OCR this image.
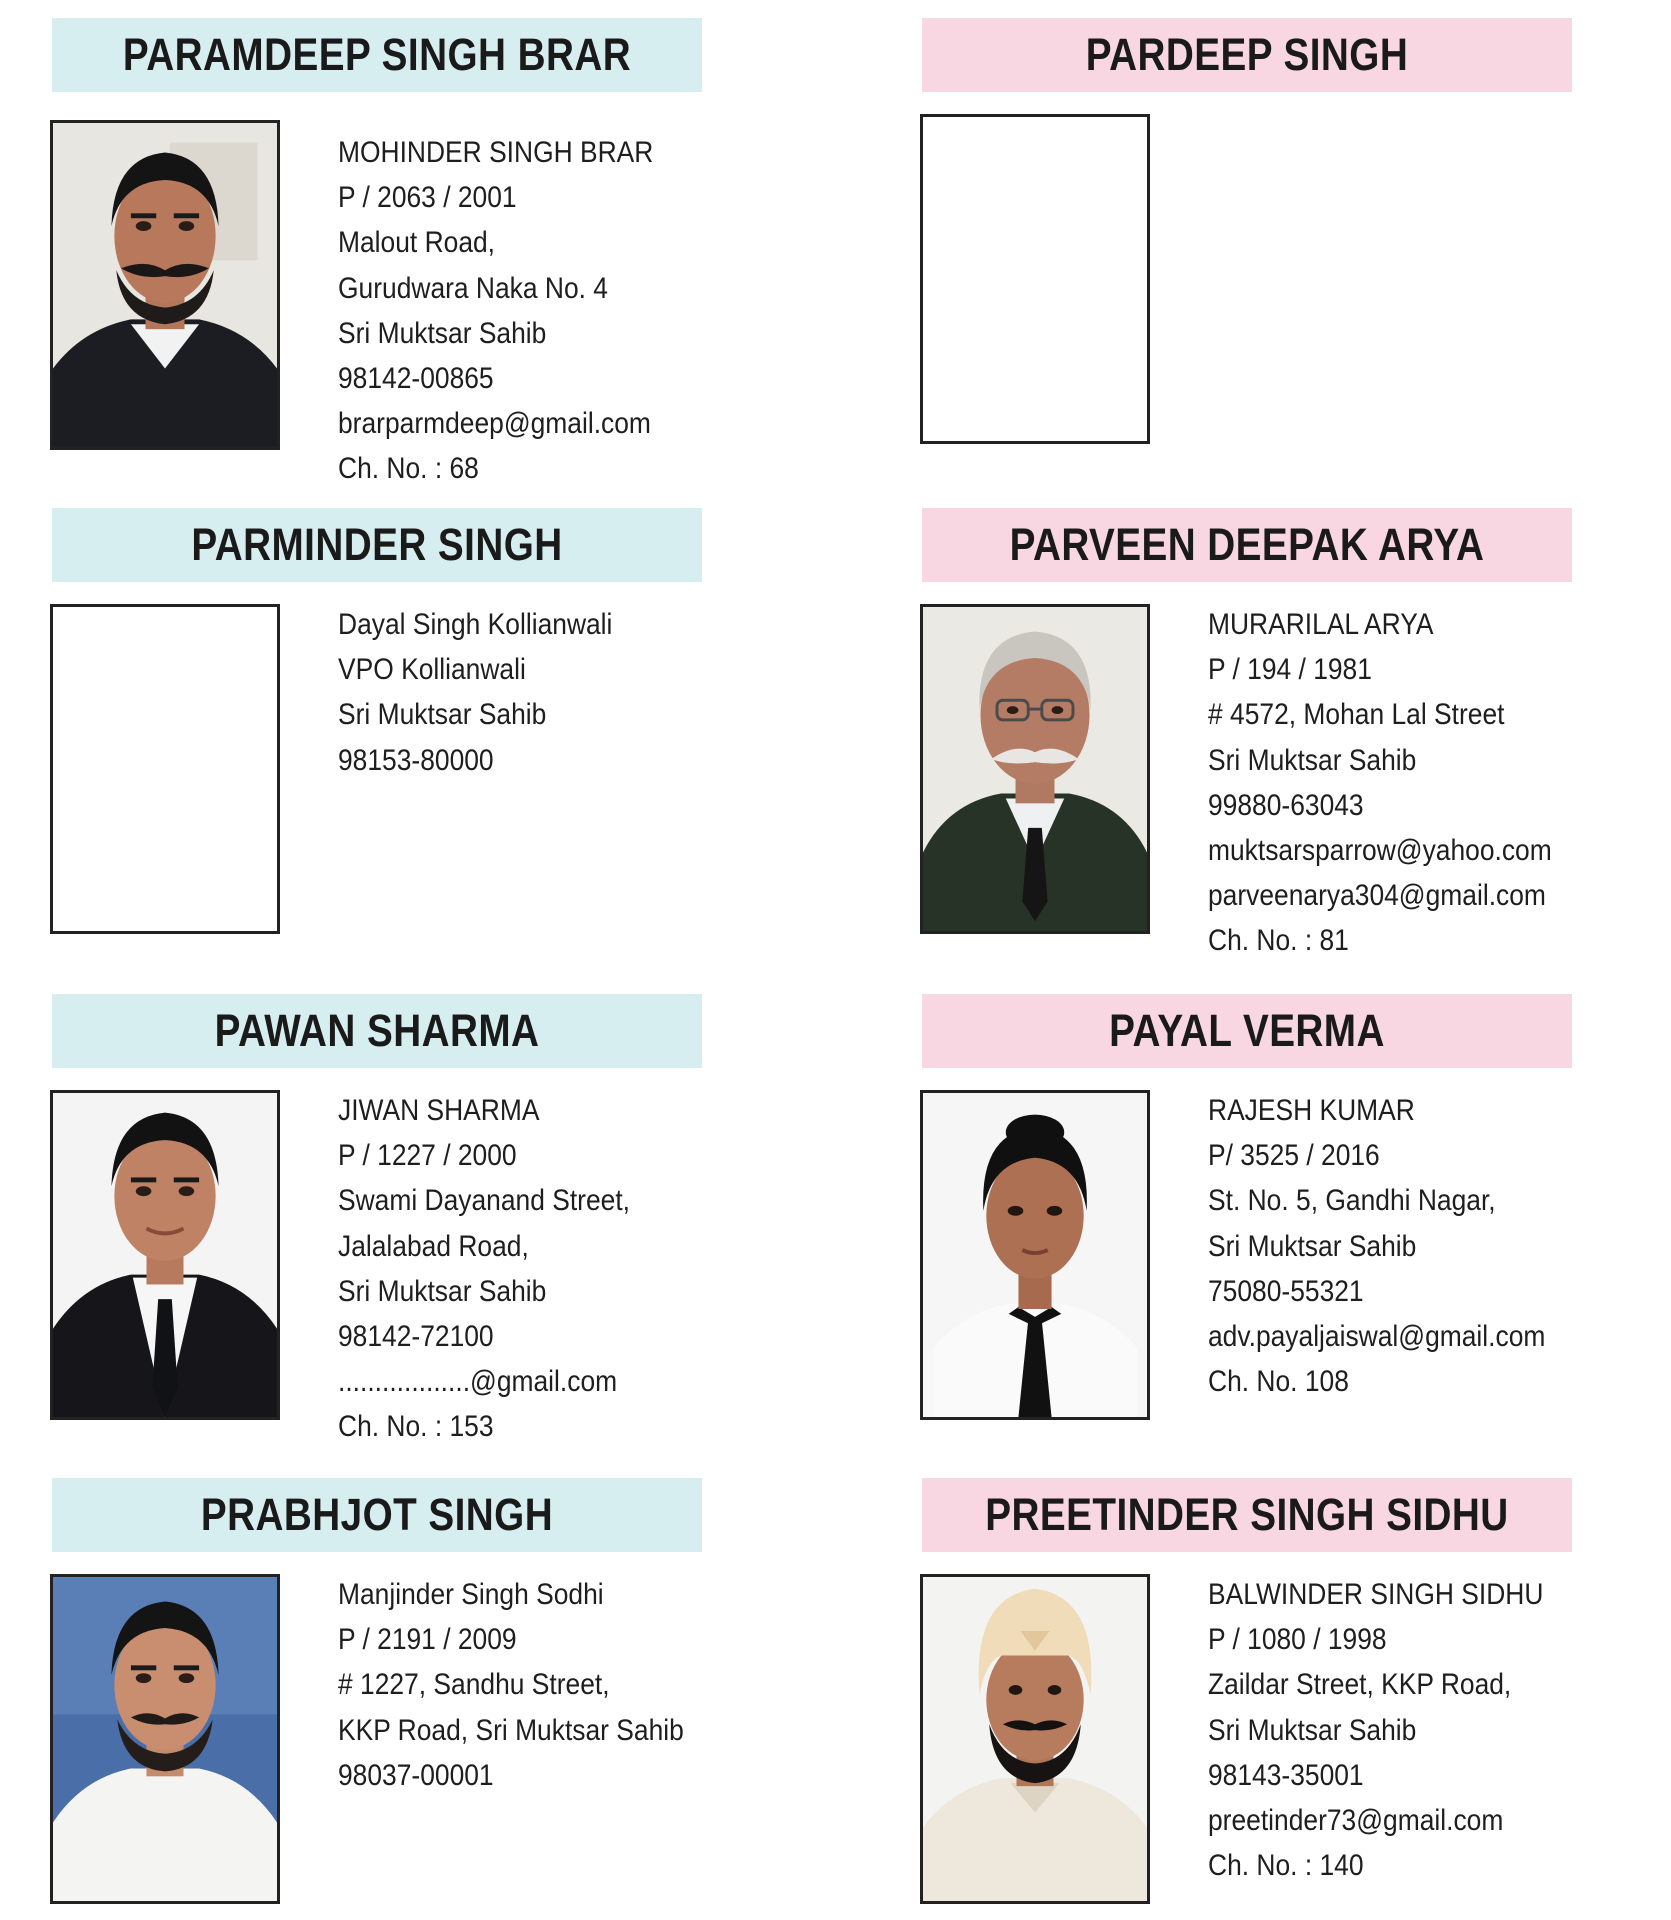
PARAMDEEP SINGH BRAR
MOHINDER SINGH BRAR
P / 2063 / 2001
Malout Road,
Gurudwara Naka No. 4
Sri Muktsar Sahib
98142-00865
brarparmdeep@gmail.com
Ch. No. : 68
PARDEEP SINGH
PARMINDER SINGH
Dayal Singh Kollianwali
VPO Kollianwali
Sri Muktsar Sahib
98153-80000
PARVEEN DEEPAK ARYA
MURARILAL ARYA
P / 194 / 1981
# 4572, Mohan Lal Street
Sri Muktsar Sahib
99880-63043
muktsarsparrow@yahoo.com
parveenarya304@gmail.com
Ch. No. : 81
PAWAN SHARMA
JIWAN SHARMA
P / 1227 / 2000
Swami Dayanand Street,
Jalalabad Road,
Sri Muktsar Sahib
98142-72100
..................@gmail.com
Ch. No. : 153
PAYAL VERMA
RAJESH KUMAR
P/ 3525 / 2016
St. No. 5, Gandhi Nagar,
Sri Muktsar Sahib
75080-55321
adv.payaljaiswal@gmail.com
Ch. No. 108
PRABHJOT SINGH
Manjinder Singh Sodhi
P / 2191 / 2009
# 1227, Sandhu Street,
KKP Road, Sri Muktsar Sahib
98037-00001
PREETINDER SINGH SIDHU
BALWINDER SINGH SIDHU
P / 1080 / 1998
Zaildar Street, KKP Road,
Sri Muktsar Sahib
98143-35001
preetinder73@gmail.com
Ch. No. : 140
